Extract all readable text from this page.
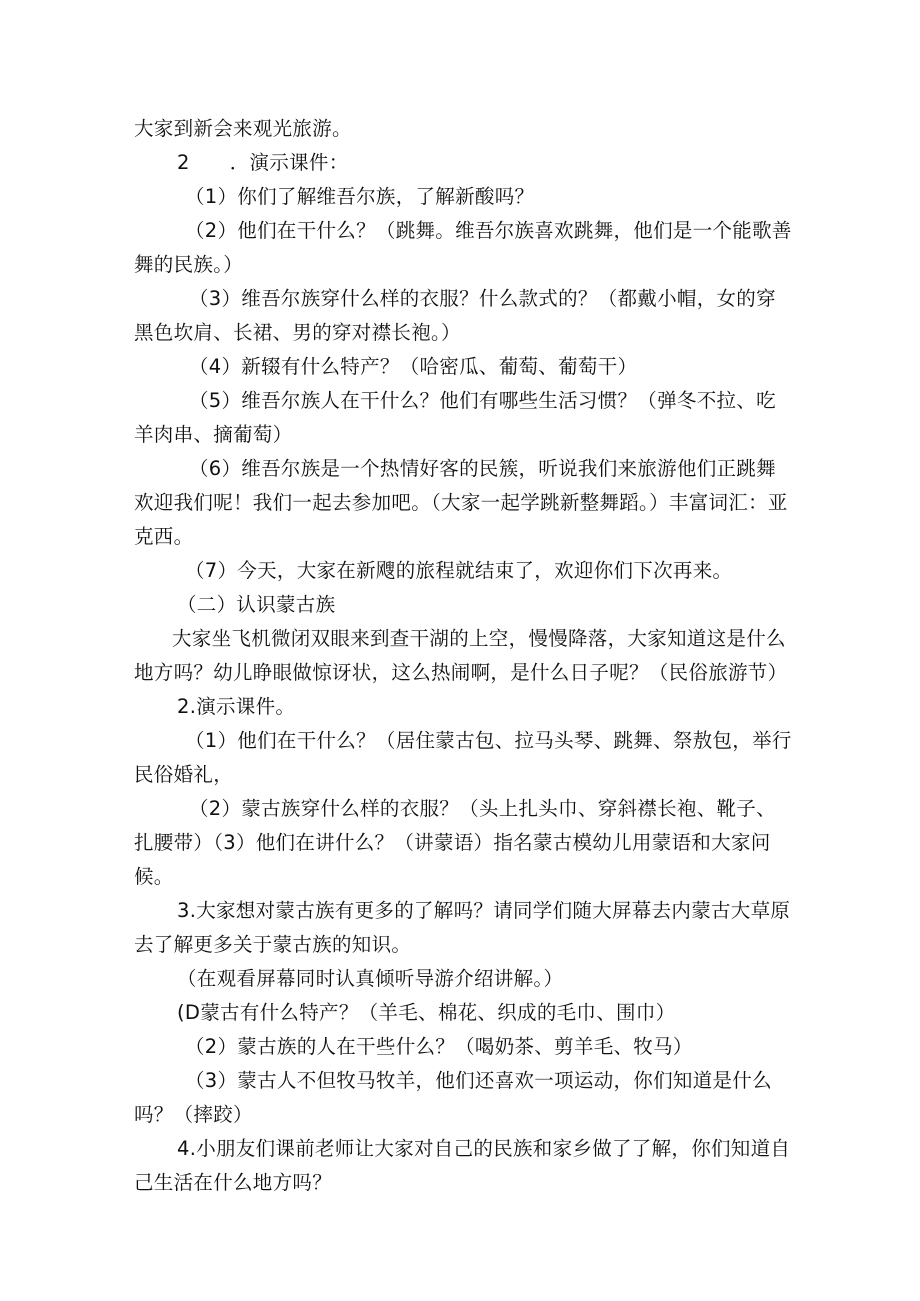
大家到新会来观光旅游。

2 ．演示课件：

（1）你们了解维吾尔族，了解新酸吗？

（2）他们在干什么？（跳舞。维吾尔族喜欢跳舞，他们是一个能歌善舞的民族。）

（3）维吾尔族穿什么样的衣服？什么款式的？（都戴小帽，女的穿黑色坎肩、长裙、男的穿对襟长袍。）

（4）新辍有什么特产？（哈密瓜、葡萄、葡萄干）

（5）维吾尔族人在干什么？他们有哪些生活习惯？（弹冬不拉、吃羊肉串、摘葡萄）

（6）维吾尔族是一个热情好客的民簇，听说我们来旅游他们正跳舞欢迎我们呢！我们一起去参加吧。（大家一起学跳新整舞蹈。）丰富词汇：亚克西。

（7）今天，大家在新飕的旅程就结束了，欢迎你们下次再来。

（二）认识蒙古族

大家坐飞机微闭双眼来到查干湖的上空，慢慢降落，大家知道这是什么地方吗？幼儿睁眼做惊讶状，这么热闹啊，是什么日子呢？（民俗旅游节）

2.演示课件。

（1）他们在干什么？（居住蒙古包、拉马头琴、跳舞、祭敖包，举行民俗婚礼，

（2）蒙古族穿什么样的衣服？（头上扎头巾、穿斜襟长袍、靴子、扎腰带）（3）他们在讲什么？（讲蒙语）指名蒙古模幼儿用蒙语和大家问候。

3.大家想对蒙古族有更多的了解吗？请同学们随大屏幕去内蒙古大草原去了解更多关于蒙古族的知识。

（在观看屏幕同时认真倾听导游介绍讲解。）

(D蒙古有什么特产？（羊毛、棉花、织成的毛巾、围巾）

（2）蒙古族的人在干些什么？（喝奶茶、剪羊毛、牧马）

（3）蒙古人不但牧马牧羊，他们还喜欢一项运动，你们知道是什么吗？（摔跤）

4.小朋友们课前老师让大家对自己的民族和家乡做了了解，你们知道自己生活在什么地方吗？
